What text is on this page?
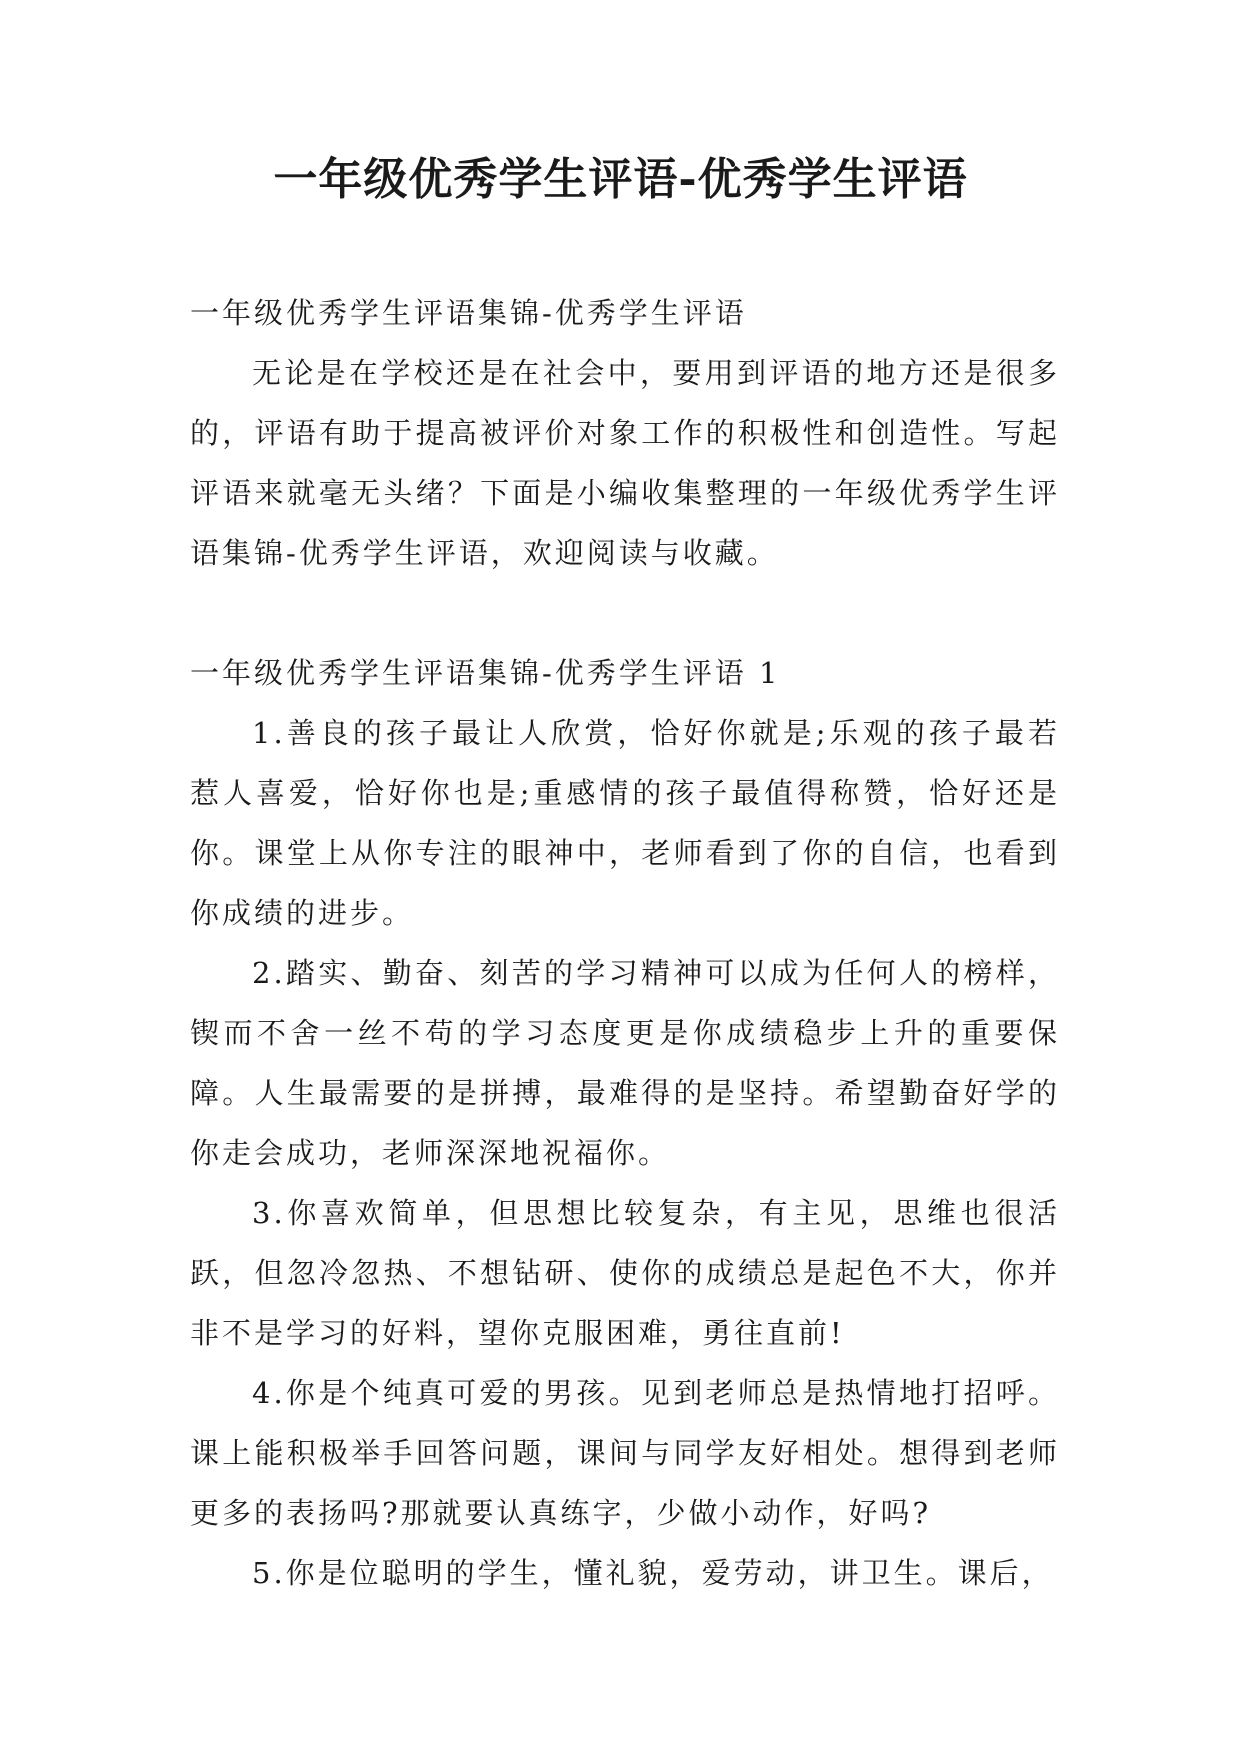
一年级优秀学生评语-优秀学生评语

一年级优秀学生评语集锦-优秀学生评语

无论是在学校还是在社会中，要用到评语的地方还是很多的，评语有助于提高被评价对象工作的积极性和创造性。写起评语来就毫无头绪？下面是小编收集整理的一年级优秀学生评语集锦-优秀学生评语，欢迎阅读与收藏。

一年级优秀学生评语集锦-优秀学生评语 1

1.善良的孩子最让人欣赏，恰好你就是;乐观的孩子最若惹人喜爱，恰好你也是;重感情的孩子最值得称赞，恰好还是你。课堂上从你专注的眼神中，老师看到了你的自信，也看到你成绩的进步。

2.踏实、勤奋、刻苦的学习精神可以成为任何人的榜样，锲而不舍一丝不苟的学习态度更是你成绩稳步上升的重要保障。人生最需要的是拼搏，最难得的是坚持。希望勤奋好学的你走会成功，老师深深地祝福你。

3.你喜欢简单，但思想比较复杂，有主见，思维也很活跃，但忽冷忽热、不想钻研、使你的成绩总是起色不大，你并非不是学习的好料，望你克服困难，勇往直前!

4.你是个纯真可爱的男孩。见到老师总是热情地打招呼。课上能积极举手回答问题，课间与同学友好相处。想得到老师更多的表扬吗?那就要认真练字，少做小动作，好吗?

5.你是位聪明的学生，懂礼貌，爱劳动，讲卫生。课后，
